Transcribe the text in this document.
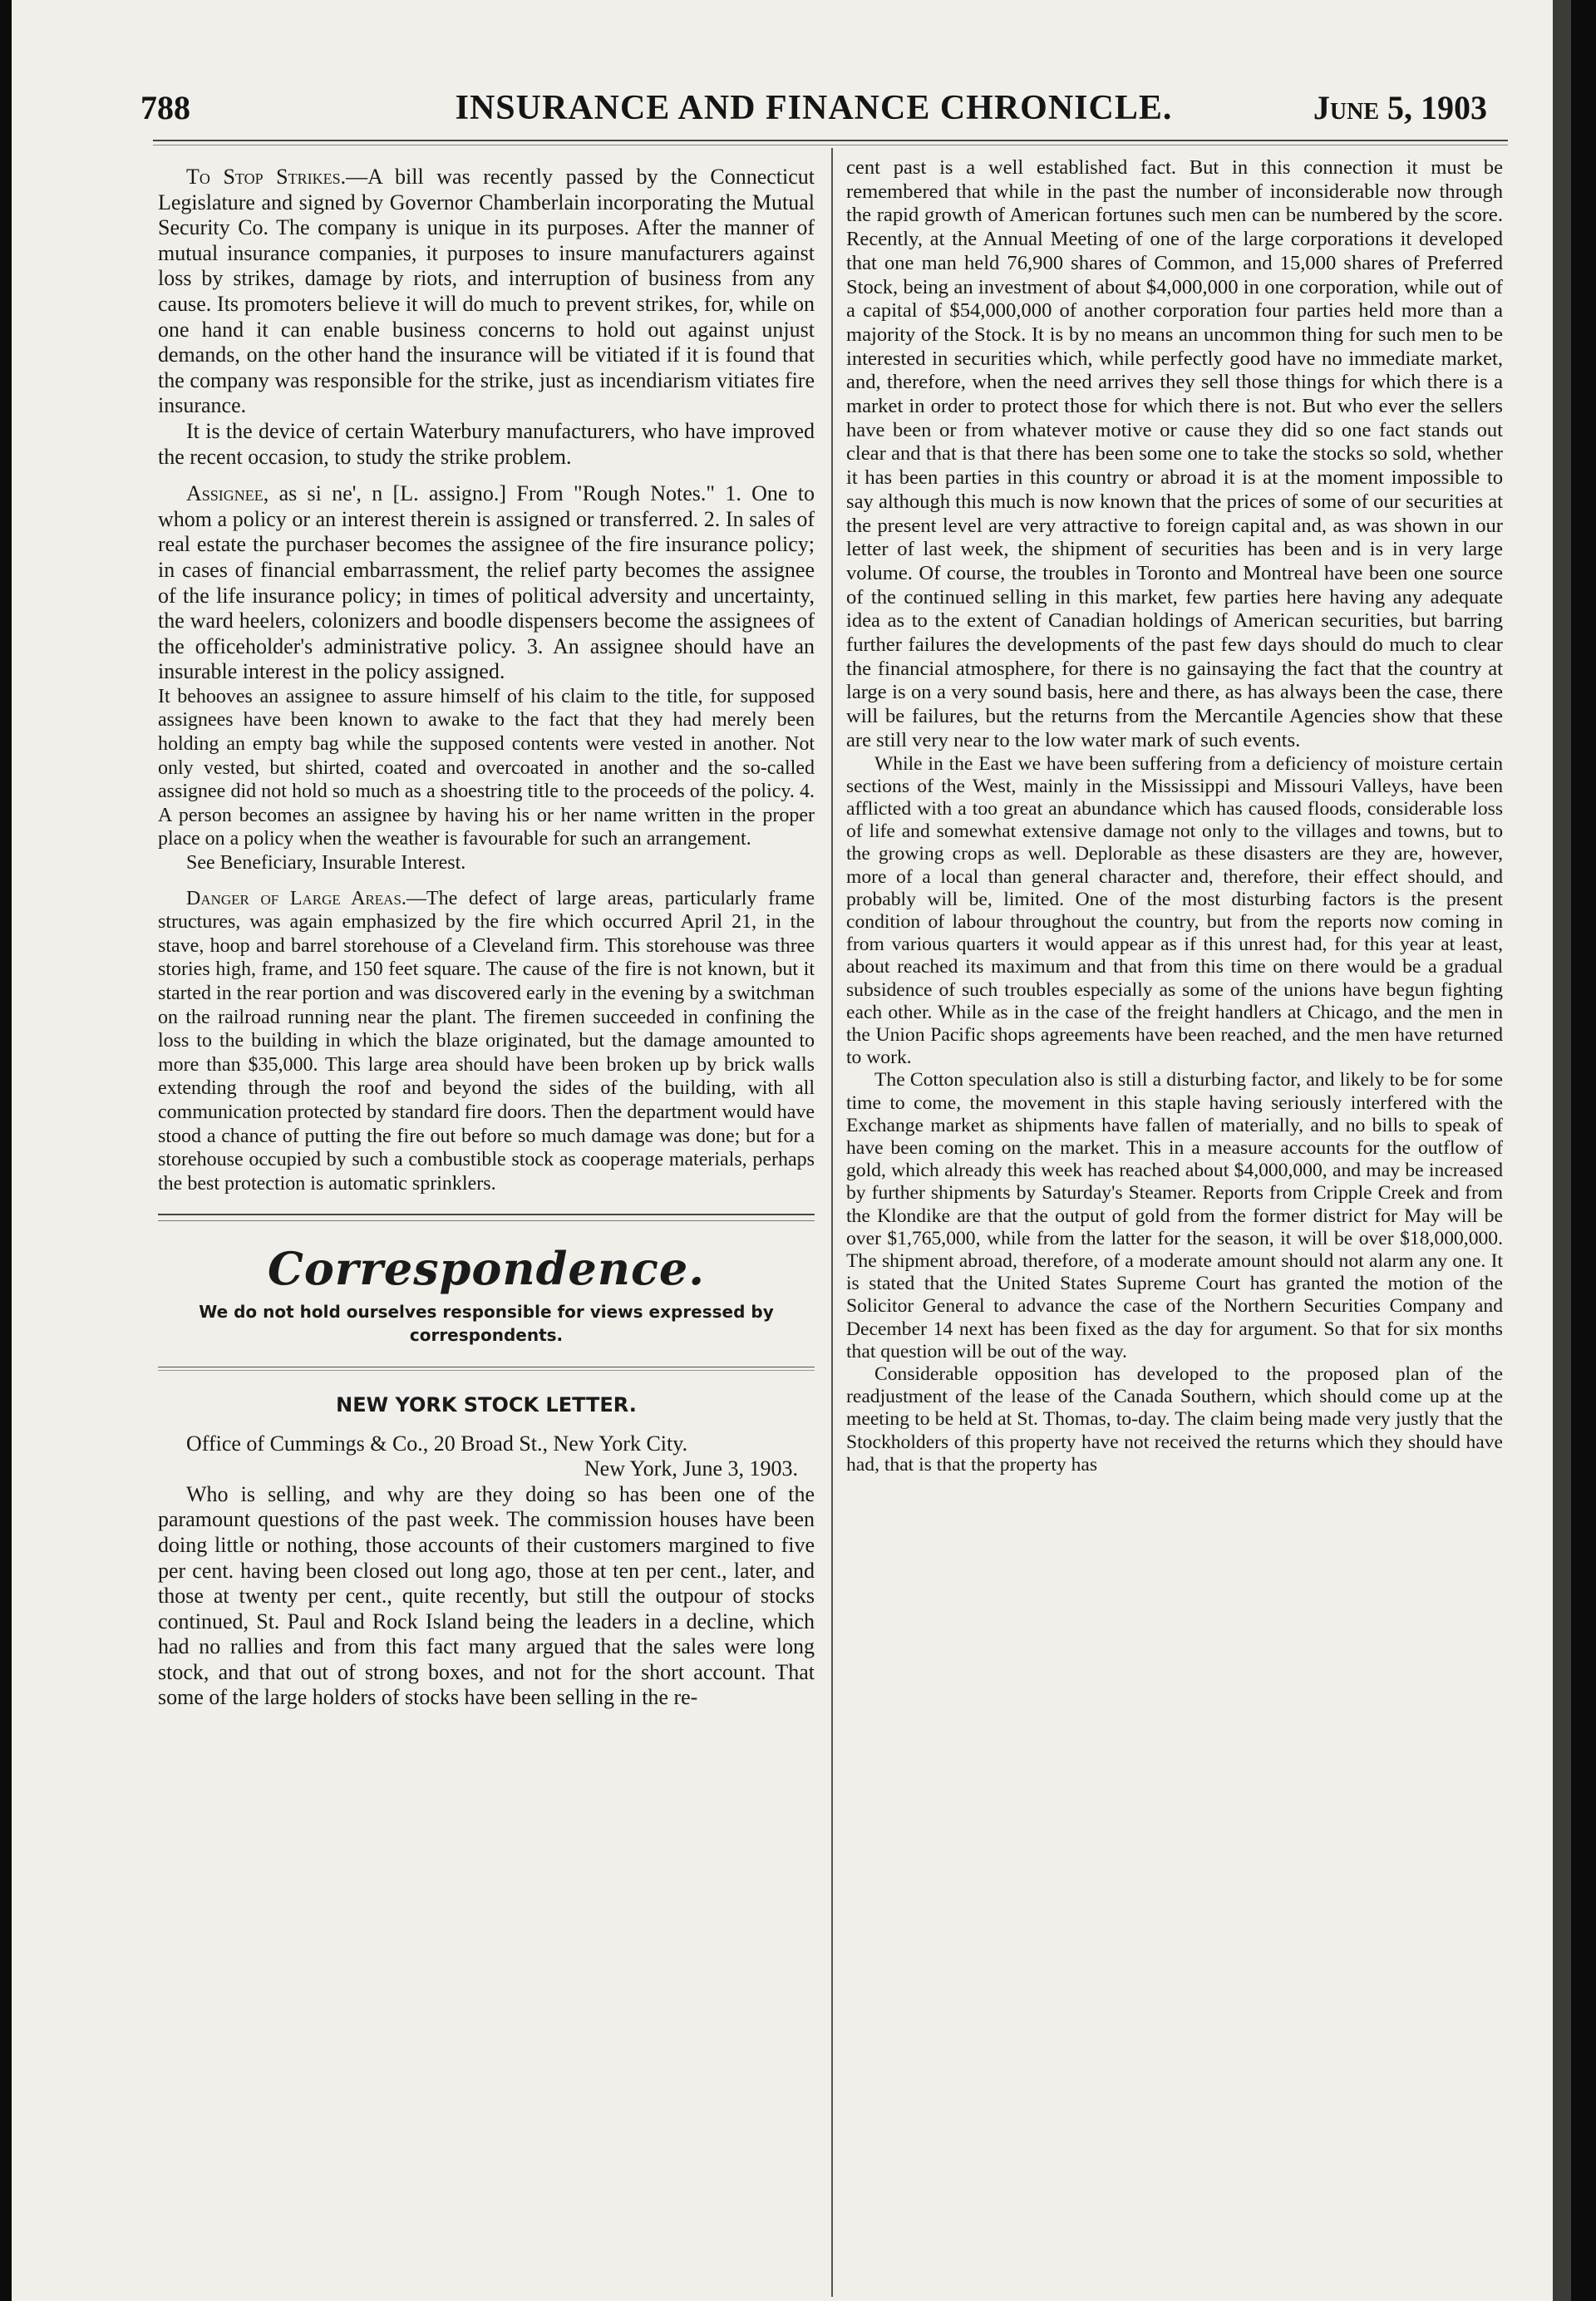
788	INSURANCE AND FINANCE CHRONICLE.	June 5, 1903

To Stop Strikes.—A bill was recently passed by the Connecticut Legislature and signed by Governor Chamberlain incorporating the Mutual Security Co. The company is unique in its purposes. After the manner of mutual insurance companies, it purposes to insure manufacturers against loss by strikes, damage by riots, and interruption of business from any cause. Its promoters believe it will do much to prevent strikes, for, while on one hand it can enable business concerns to hold out against unjust demands, on the other hand the insurance will be vitiated if it is found that the company was responsible for the strike, just as incendiarism vitiates fire insurance.

It is the device of certain Waterbury manufacturers, who have improved the recent occasion, to study the strike problem.

Assignee, as si ne', n [L. assigno.] From "Rough Notes." 1. One to whom a policy or an interest therein is assigned or transferred. 2. In sales of real estate the purchaser becomes the assignee of the fire insurance policy; in cases of financial embarrassment, the relief party becomes the assignee of the life insurance policy; in times of political adversity and uncertainty, the ward heelers, colonizers and boodle dispensers become the assignees of the officeholder's administrative policy. 3. An assignee should have an insurable interest in the policy assigned.

It behooves an assignee to assure himself of his claim to the title, for supposed assignees have been known to awake to the fact that they had merely been holding an empty bag while the supposed contents were vested in another. Not only vested, but shirted, coated and overcoated in another and the so-called assignee did not hold so much as a shoestring title to the proceeds of the policy. 4. A person becomes an assignee by having his or her name written in the proper place on a policy when the weather is favourable for such an arrangement.

See Beneficiary, Insurable Interest.

Danger of Large Areas.—The defect of large areas, particularly frame structures, was again emphasized by the fire which occurred April 21, in the stave, hoop and barrel storehouse of a Cleveland firm. This storehouse was three stories high, frame, and 150 feet square. The cause of the fire is not known, but it started in the rear portion and was discovered early in the evening by a switchman on the railroad running near the plant. The firemen succeeded in confining the loss to the building in which the blaze originated, but the damage amounted to more than $35,000. This large area should have been broken up by brick walls extending through the roof and beyond the sides of the building, with all communication protected by standard fire doors. Then the department would have stood a chance of putting the fire out before so much damage was done; but for a storehouse occupied by such a combustible stock as cooperage materials, perhaps the best protection is automatic sprinklers.

Correspondence.
We do not hold ourselves responsible for views expressed by correspondents.
NEW YORK STOCK LETTER.

Office of Cummings & Co., 20 Broad St., New York City.

New York, June 3, 1903.

Who is selling, and why are they doing so has been one of the paramount questions of the past week. The commission houses have been doing little or nothing, those accounts of their customers margined to five per cent. having been closed out long ago, those at ten per cent., later, and those at twenty per cent., quite recently, but still the outpour of stocks continued, St. Paul and Rock Island being the leaders in a decline, which had no rallies and from this fact many argued that the sales were long stock, and that out of strong boxes, and not for the short account. That some of the large holders of stocks have been selling in the re-

cent past is a well established fact. But in this connection it must be remembered that while in the past the number of inconsiderable now through the rapid growth of American fortunes such men can be numbered by the score. Recently, at the Annual Meeting of one of the large corporations it developed that one man held 76,900 shares of Common, and 15,000 shares of Preferred Stock, being an investment of about $4,000,000 in one corporation, while out of a capital of $54,000,000 of another corporation four parties held more than a majority of the Stock. It is by no means an uncommon thing for such men to be interested in securities which, while perfectly good have no immediate market, and, therefore, when the need arrives they sell those things for which there is a market in order to protect those for which there is not. But who ever the sellers have been or from whatever motive or cause they did so one fact stands out clear and that is that there has been some one to take the stocks so sold, whether it has been parties in this country or abroad it is at the moment impossible to say although this much is now known that the prices of some of our securities at the present level are very attractive to foreign capital and, as was shown in our letter of last week, the shipment of securities has been and is in very large volume. Of course, the troubles in Toronto and Montreal have been one source of the continued selling in this market, few parties here having any adequate idea as to the extent of Canadian holdings of American securities, but barring further failures the developments of the past few days should do much to clear the financial atmosphere, for there is no gainsaying the fact that the country at large is on a very sound basis, here and there, as has always been the case, there will be failures, but the returns from the Mercantile Agencies show that these are still very near to the low water mark of such events.

While in the East we have been suffering from a deficiency of moisture certain sections of the West, mainly in the Mississippi and Missouri Valleys, have been afflicted with a too great an abundance which has caused floods, considerable loss of life and somewhat extensive damage not only to the villages and towns, but to the growing crops as well. Deplorable as these disasters are they are, however, more of a local than general character and, therefore, their effect should, and probably will be, limited. One of the most disturbing factors is the present condition of labour throughout the country, but from the reports now coming in from various quarters it would appear as if this unrest had, for this year at least, about reached its maximum and that from this time on there would be a gradual subsidence of such troubles especially as some of the unions have begun fighting each other. While as in the case of the freight handlers at Chicago, and the men in the Union Pacific shops agreements have been reached, and the men have returned to work.

The Cotton speculation also is still a disturbing factor, and likely to be for some time to come, the movement in this staple having seriously interfered with the Exchange market as shipments have fallen of materially, and no bills to speak of have been coming on the market. This in a measure accounts for the outflow of gold, which already this week has reached about $4,000,000, and may be increased by further shipments by Saturday's Steamer. Reports from Cripple Creek and from the Klondike are that the output of gold from the former district for May will be over $1,765,000, while from the latter for the season, it will be over $18,000,000. The shipment abroad, therefore, of a moderate amount should not alarm any one. It is stated that the United States Supreme Court has granted the motion of the Solicitor General to advance the case of the Northern Securities Company and December 14 next has been fixed as the day for argument. So that for six months that question will be out of the way.

Considerable opposition has developed to the proposed plan of the readjustment of the lease of the Canada Southern, which should come up at the meeting to be held at St. Thomas, to-day. The claim being made very justly that the Stockholders of this property have not received the returns which they should have had, that is that the property has
